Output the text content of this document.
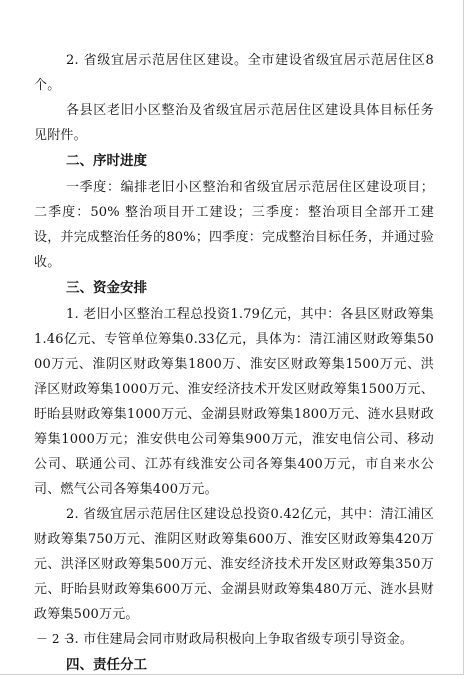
2. 省级宜居示范居住区建设。全市建设省级宜居示范居住区8个。

各县区老旧小区整治及省级宜居示范居住区建设具体目标任务见附件。

二、序时进度

一季度：编排老旧小区整治和省级宜居示范居住区建设项目；二季度：50% 整治项目开工建设；三季度：整治项目全部开工建设，并完成整治任务的80%；四季度：完成整治目标任务，并通过验收。

三、资金安排

1. 老旧小区整治工程总投资1.79亿元，其中：各县区财政筹集1.46亿元、专管单位筹集0.33亿元，具体为：清江浦区财政筹集5000万元、淮阴区财政筹集1800万、淮安区财政筹集1500万元、洪泽区财政筹集1000万元、淮安经济技术开发区财政筹集1500万元、盱眙县财政筹集1000万元、金湖县财政筹集1800万元、涟水县财政筹集1000万元；淮安供电公司筹集900万元，淮安电信公司、移动公司、联通公司、江苏有线淮安公司各筹集400万元，市自来水公司、燃气公司各筹集400万元。

2. 省级宜居示范居住区建设总投资0.42亿元，其中：清江浦区财政筹集750万元、淮阴区财政筹集600万、淮安区财政筹集420万元、洪泽区财政筹集500万元、淮安经济技术开发区财政筹集350万元、盱眙县财政筹集600万元、金湖县财政筹集480万元、涟水县财政筹集500万元。

3. 市住建局会同市财政局积极向上争取省级专项引导资金。

四、责任分工
－ 2 －
